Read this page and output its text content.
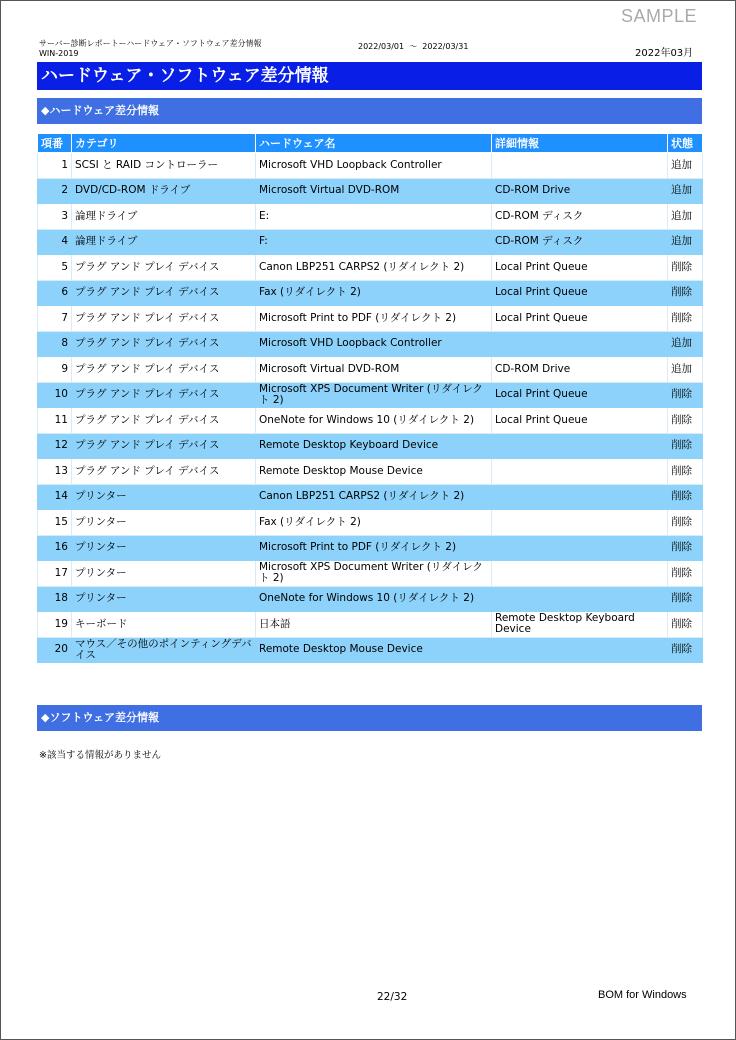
SAMPLE
サーバー診断レポートーハードウェア・ソフトウェア差分情報
WIN-2019
2022/03/01 ～ 2022/03/31
2022年03月
ハードウェア・ソフトウェア差分情報
◆ハードウェア差分情報
項番	カテゴリ	ハードウェア名	詳細情報	状態
1	SCSI と RAID コントローラー	Microsoft VHD Loopback Controller		追加
2	DVD/CD-ROM ドライブ	Microsoft Virtual DVD-ROM	CD-ROM Drive	追加
3	論理ドライブ	E:	CD-ROM ディスク	追加
4	論理ドライブ	F:	CD-ROM ディスク	追加
5	プラグ アンド プレイ デバイス	Canon LBP251 CARPS2 (リダイレクト 2)	Local Print Queue	削除
6	プラグ アンド プレイ デバイス	Fax (リダイレクト 2)	Local Print Queue	削除
7	プラグ アンド プレイ デバイス	Microsoft Print to PDF (リダイレクト 2)	Local Print Queue	削除
8	プラグ アンド プレイ デバイス	Microsoft VHD Loopback Controller		追加
9	プラグ アンド プレイ デバイス	Microsoft Virtual DVD-ROM	CD-ROM Drive	追加
10	プラグ アンド プレイ デバイス	Microsoft XPS Document Writer (リダイレクト 2)	Local Print Queue	削除
11	プラグ アンド プレイ デバイス	OneNote for Windows 10 (リダイレクト 2)	Local Print Queue	削除
12	プラグ アンド プレイ デバイス	Remote Desktop Keyboard Device		削除
13	プラグ アンド プレイ デバイス	Remote Desktop Mouse Device		削除
14	プリンター	Canon LBP251 CARPS2 (リダイレクト 2)		削除
15	プリンター	Fax (リダイレクト 2)		削除
16	プリンター	Microsoft Print to PDF (リダイレクト 2)		削除
17	プリンター	Microsoft XPS Document Writer (リダイレクト 2)		削除
18	プリンター	OneNote for Windows 10 (リダイレクト 2)		削除
19	キーボード	日本語	Remote Desktop Keyboard Device	削除
20	マウス／その他のポインティングデバイス	Remote Desktop Mouse Device		削除
◆ソフトウェア差分情報
※該当する情報がありません
22/32	BOM for Windows
